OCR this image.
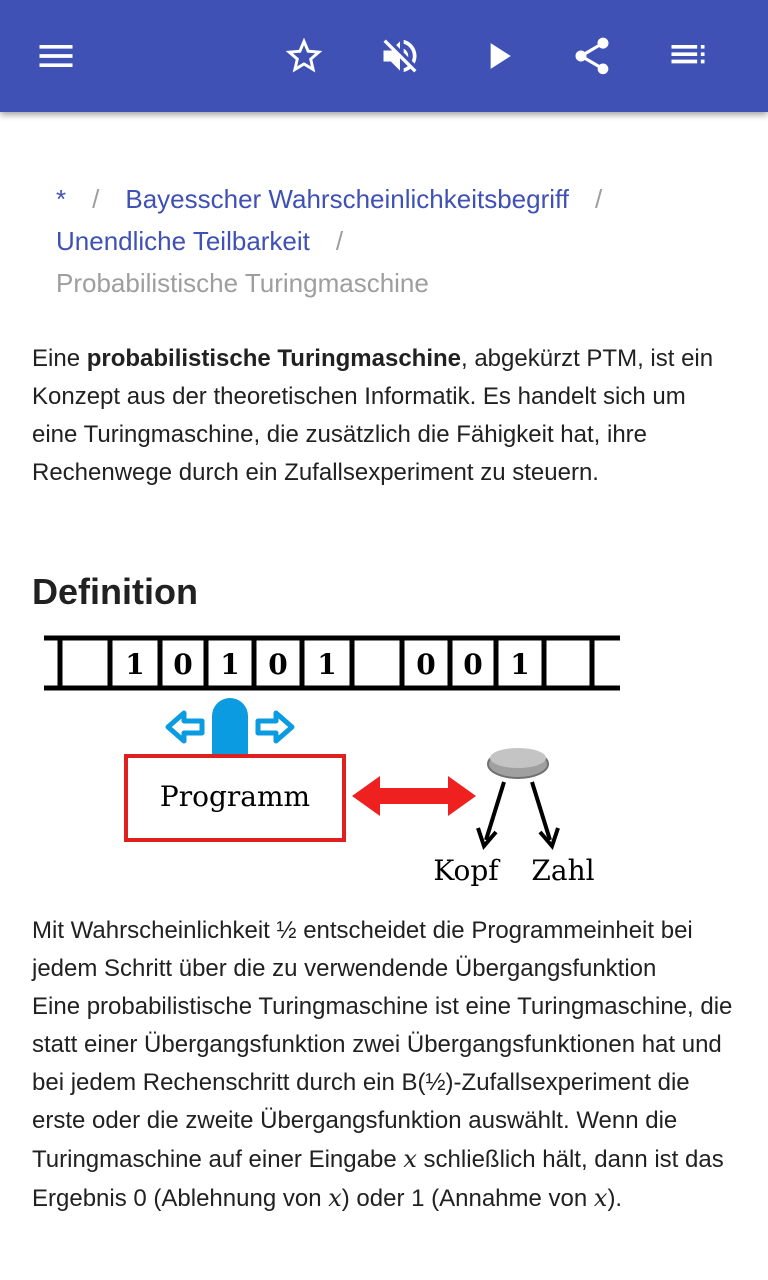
* / Bayesscher Wahrscheinlichkeitsbegriff /
Unendliche Teilbarkeit /
Probabilistische Turingmaschine

Eine probabilistische Turingmaschine, abgekürzt PTM, ist ein Konzept aus der theoretischen Informatik. Es handelt sich um eine Turingmaschine, die zusätzlich die Fähigkeit hat, ihre Rechenwege durch ein Zufallsexperiment zu steuern.

Definition
1 0 1 0 1	0 0 1
Programm
Kopf Zahl

Mit Wahrscheinlichkeit ½ entscheidet die Programmeinheit bei jedem Schritt über die zu verwendende Übergangsfunktion
Eine probabilistische Turingmaschine ist eine Turingmaschine, die statt einer Übergangsfunktion zwei Übergangsfunktionen hat und bei jedem Rechenschritt durch ein B(½)-Zufallsexperiment die erste oder die zweite Übergangsfunktion auswählt. Wenn die Turingmaschine auf einer Eingabe x schließlich hält, dann ist das Ergebnis 0 (Ablehnung von x) oder 1 (Annahme von x).
